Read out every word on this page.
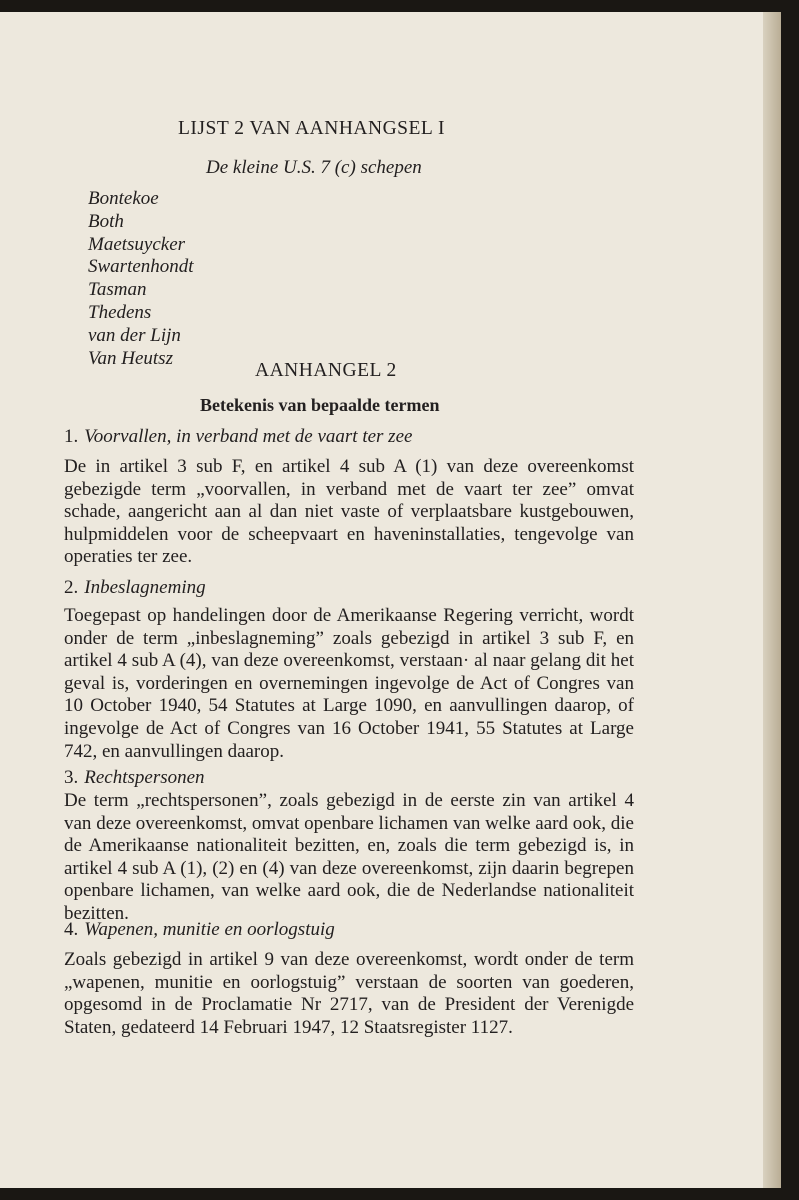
LIJST 2 VAN AANHANGSEL I
De kleine U.S. 7 (c) schepen
Bontekoe
Both
Maetsuycker
Swartenhondt
Tasman
Thedens
van der Lijn
Van Heutsz
AANHANGEL 2
Betekenis van bepaalde termen
1. Voorvallen, in verband met de vaart ter zee
De in artikel 3 sub F, en artikel 4 sub A (1) van deze overeenkomst gebezigde term „voorvallen, in verband met de vaart ter zee” omvat schade, aangericht aan al dan niet vaste of verplaatsbare kustgebouwen, hulpmiddelen voor de scheepvaart en haveninstallaties, tengevolge van operaties ter zee.
2. Inbeslagneming
Toegepast op handelingen door de Amerikaanse Regering verricht, wordt onder de term „inbeslagneming” zoals gebezigd in artikel 3 sub F, en artikel 4 sub A (4), van deze overeenkomst, verstaan· al naar gelang dit het geval is, vorderingen en overnemingen ingevolge de Act of Congres van 10 October 1940, 54 Statutes at Large 1090, en aanvullingen daarop, of ingevolge de Act of Congres van 16 October 1941, 55 Statutes at Large 742, en aanvullingen daarop.
3. Rechtspersonen
De term „rechtspersonen”, zoals gebezigd in de eerste zin van artikel 4 van deze overeenkomst, omvat openbare lichamen van welke aard ook, die de Amerikaanse nationaliteit bezitten, en, zoals die term gebezigd is, in artikel 4 sub A (1), (2) en (4) van deze overeenkomst, zijn daarin begrepen openbare lichamen, van welke aard ook, die de Nederlandse nationaliteit bezitten.
4. Wapenen, munitie en oorlogstuig
Zoals gebezigd in artikel 9 van deze overeenkomst, wordt onder de term „wapenen, munitie en oorlogstuig” verstaan de soorten van goederen, opgesomd in de Proclamatie Nr 2717, van de President der Verenigde Staten, gedateerd 14 Februari 1947, 12 Staatsregister 1127.
